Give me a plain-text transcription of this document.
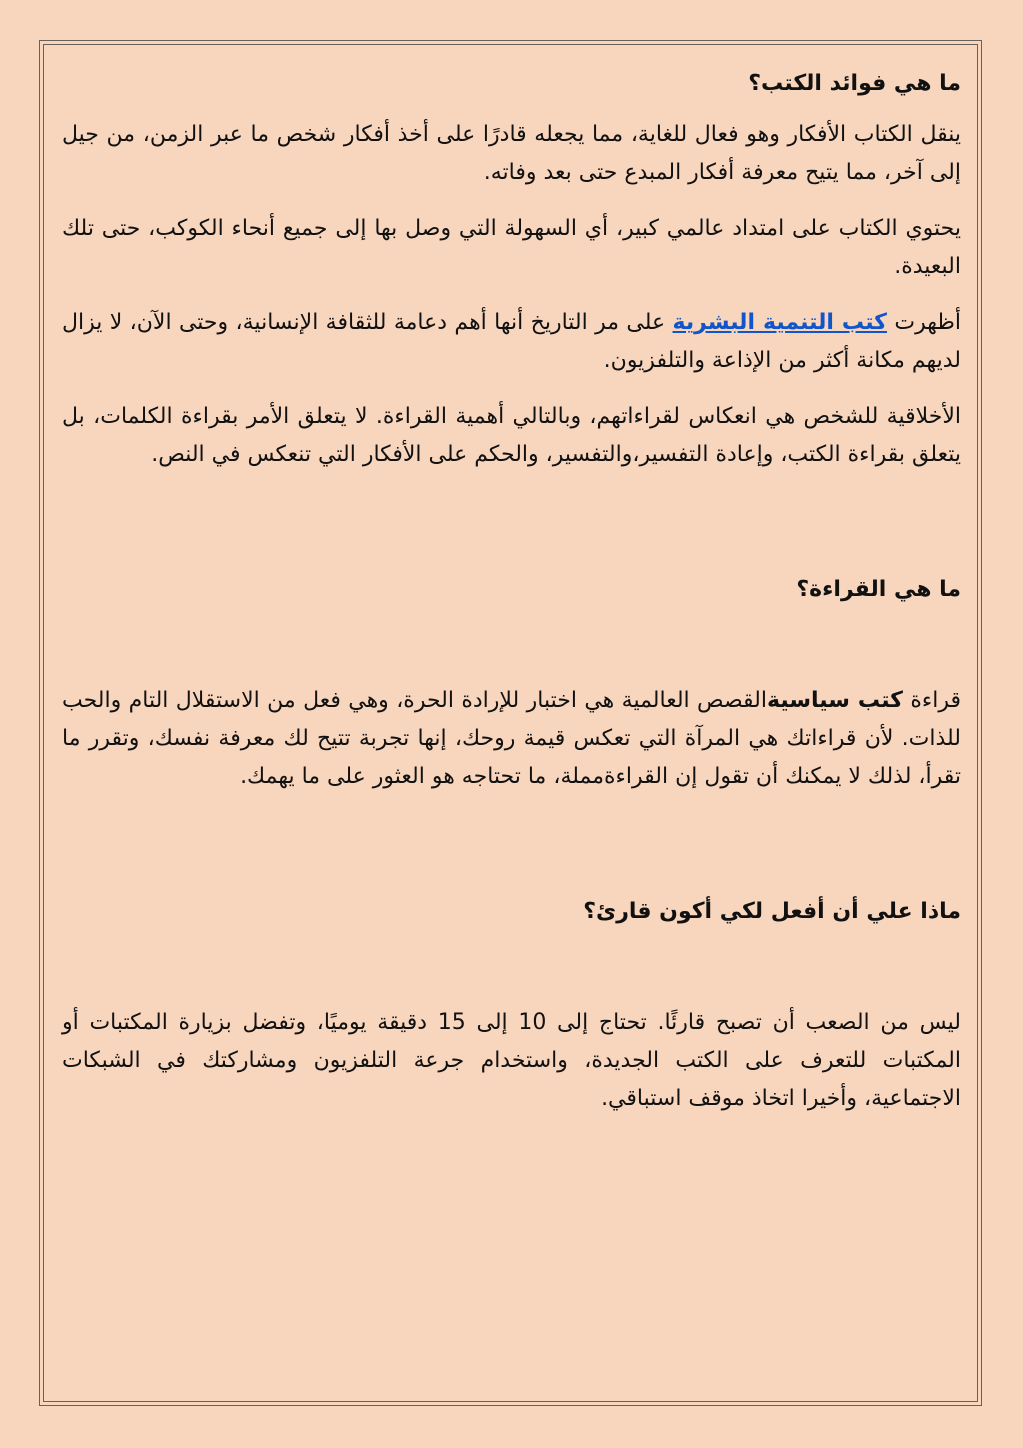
ما هي فوائد الكتب؟

ينقل الكتاب الأفكار وهو فعال للغاية، مما يجعله قادرًا على أخذ أفكار شخص ما عبر الزمن، من جيل إلى آخر، مما يتيح معرفة أفكار المبدع حتى بعد وفاته.

يحتوي الكتاب على امتداد عالمي كبير، أي السهولة التي وصل بها إلى جميع أنحاء الكوكب، حتى تلك البعيدة.

أظهرت كتب التنمية البشرية على مر التاريخ أنها أهم دعامة للثقافة الإنسانية، وحتى الآن، لا يزال لديهم مكانة أكثر من الإذاعة والتلفزيون.

الأخلاقية للشخص هي انعكاس لقراءاتهم، وبالتالي أهمية القراءة. لا يتعلق الأمر بقراءة الكلمات، بل يتعلق بقراءة الكتب، وإعادة التفسير،والتفسير، والحكم على الأفكار التي تنعكس في النص.

ما هي القراءة؟

قراءة كتب سياسيةالقصص العالمية هي اختبار للإرادة الحرة، وهي فعل من الاستقلال التام والحب للذات. لأن قراءاتك هي المرآة التي تعكس قيمة روحك، إنها تجربة تتيح لك معرفة نفسك، وتقرر ما تقرأ، لذلك لا يمكنك أن تقول إن القراءةمملة، ما تحتاجه هو العثور على ما يهمك.

ماذا علي أن أفعل لكي أكون قارئ؟

ليس من الصعب أن تصبح قارئًا. تحتاج إلى 10 إلى 15 دقيقة يوميًا، وتفضل بزيارة المكتبات أو المكتبات للتعرف على الكتب الجديدة، واستخدام جرعة التلفزيون ومشاركتك في الشبكات الاجتماعية، وأخيرا اتخاذ موقف استباقي.
